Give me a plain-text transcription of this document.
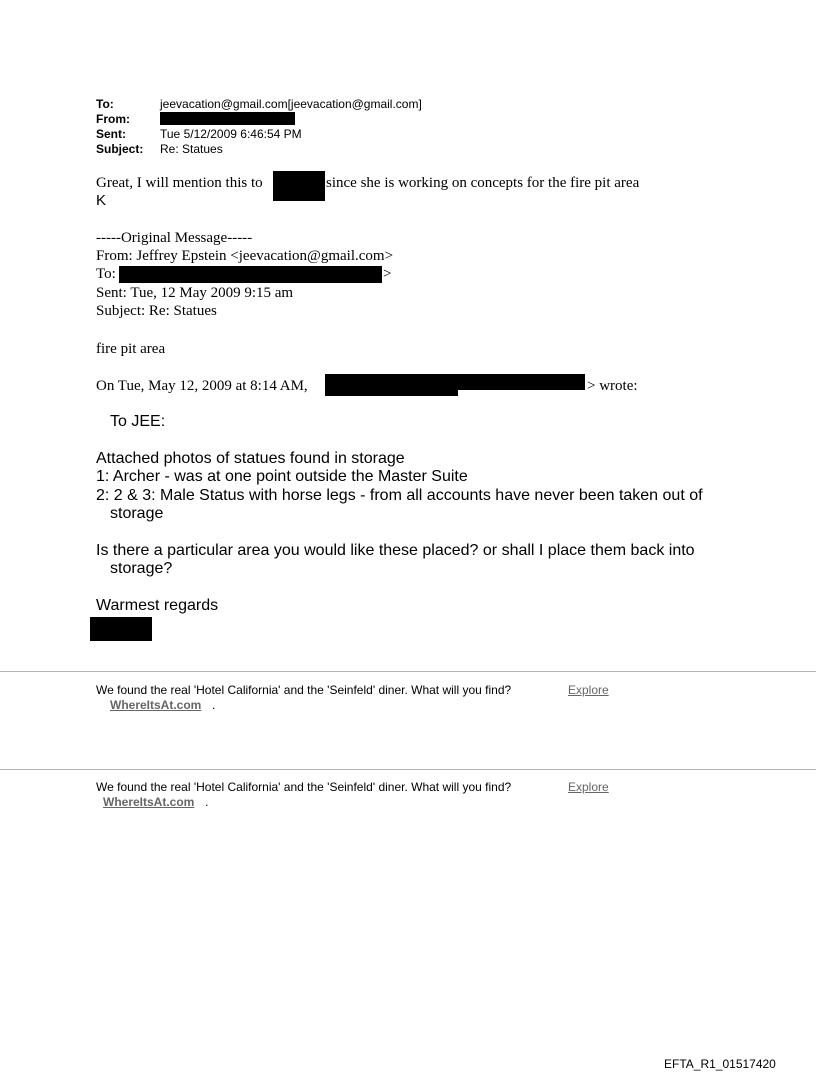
To:	jeevacation@gmail.com[jeevacation@gmail.com]
From:
Sent:	Tue 5/12/2009 6:46:54 PM
Subject: Re: Statues
Great, I will mention this to	since she is working on concepts for the fire pit area
K
-----Original Message-----
From: Jeffrey Epstein <jeevacation@gmail.com>
To:	>
Sent: Tue, 12 May 2009 9:15 am
Subject: Re: Statues
fire pit area
On Tue, May 12, 2009 at 8:14 AM,	> wrote:
To JEE:
Attached photos of statues found in storage
1: Archer - was at one point outside the Master Suite
2: 2 & 3: Male Status with horse legs - from all accounts have never been taken out of
storage
Is there a particular area you would like these placed? or shall I place them back into
storage?
Warmest regards
We found the real 'Hotel California' and the 'Seinfeld' diner. What will you find?	Explore
WhereItsAt.com .
We found the real 'Hotel California' and the 'Seinfeld' diner. What will you find?	Explore
WhereItsAt.com .
EFTA_R1_01517420
